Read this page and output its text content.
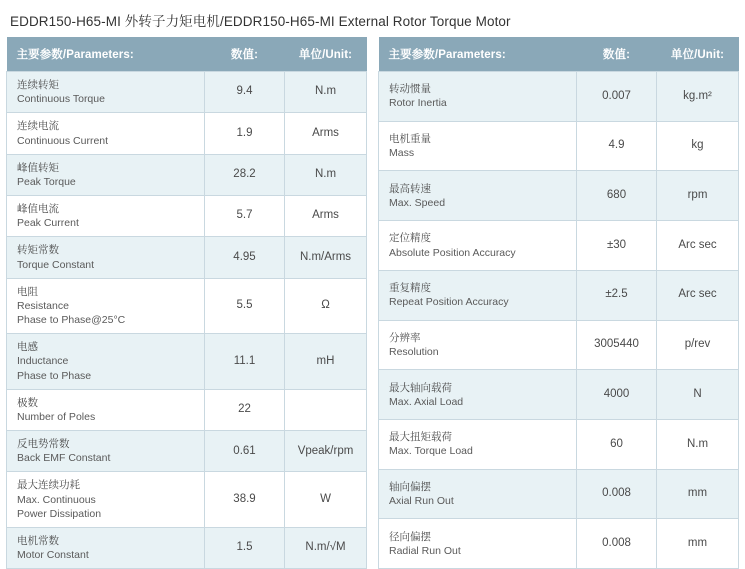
EDDR150-H65-MI 外转子力矩电机/EDDR150-H65-MI External Rotor Torque Motor
主要参数/Parameters:	数值:	单位/Unit:

连续转矩
Continuous Torque	9.4	N.m

连续电流
Continuous Current	1.9	Arms

峰值转矩
Peak Torque	28.2	N.m

峰值电流
Peak Current	5.7	Arms

转矩常数
Torque Constant	4.95	N.m/Arms

电阻
Resistance
Phase to Phase@25°C	5.5	Ω

电感
Inductance
Phase to Phase	11.1	mH

极数
Number of Poles	22	

反电势常数
Back EMF Constant	0.61	Vpeak/rpm

最大连续功耗
Max. Continuous
Power Dissipation	38.9	W

电机常数
Motor Constant	1.5	N.m/√M
主要参数/Parameters:	数值:	单位/Unit:

转动惯量
Rotor Inertia	0.007	kg.m²

电机重量
Mass	4.9	kg

最高转速
Max. Speed	680	rpm

定位精度
Absolute Position Accuracy	±30	Arc sec

重复精度
Repeat Position Accuracy	±2.5	Arc sec

分辨率
Resolution	3005440	p/rev

最大轴向载荷
Max. Axial Load	4000	N

最大扭矩载荷
Max. Torque Load	60	N.m

轴向偏摆
Axial Run Out	0.008	mm

径向偏摆
Radial Run Out	0.008	mm
